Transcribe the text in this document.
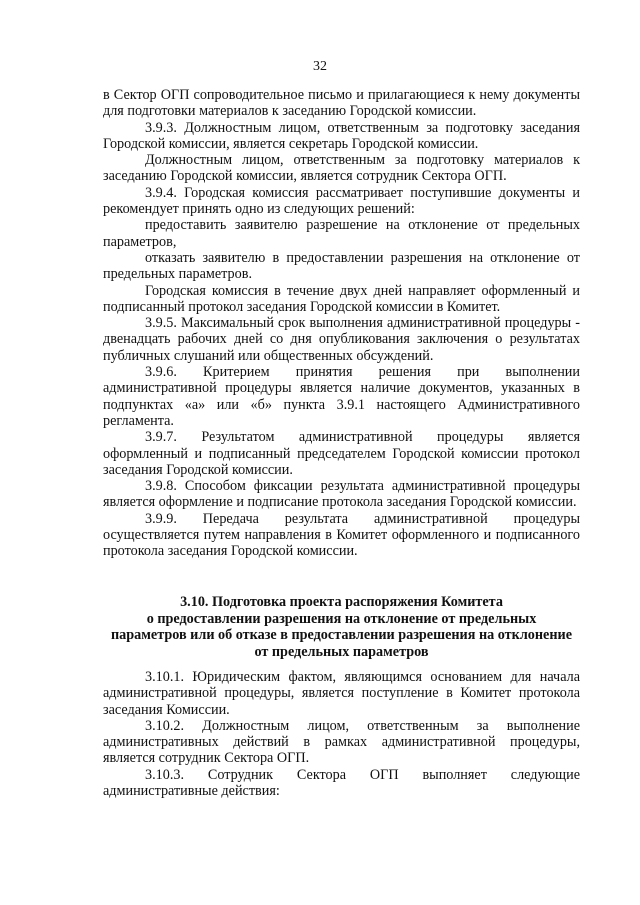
32

в Сектор ОГП сопроводительное письмо и прилагающиеся к нему документы для подготовки материалов к заседанию Городской комиссии.

3.9.3. Должностным лицом, ответственным за подготовку заседания Городской комиссии, является секретарь Городской комиссии.

Должностным лицом, ответственным за подготовку материалов к заседанию Городской комиссии, является сотрудник Сектора ОГП.

3.9.4. Городская комиссия рассматривает поступившие документы и рекомендует принять одно из следующих решений:

предоставить заявителю разрешение на отклонение от предельных параметров,

отказать заявителю в предоставлении разрешения на отклонение от предельных параметров.

Городская комиссия в течение двух дней направляет оформленный и подписанный протокол заседания Городской комиссии в Комитет.

3.9.5. Максимальный срок выполнения административной процедуры - двенадцать рабочих дней со дня опубликования заключения о результатах публичных слушаний или общественных обсуждений.

3.9.6. Критерием принятия решения при выполнении административной процедуры является наличие документов, указанных в подпунктах «а» или «б» пункта 3.9.1 настоящего Административного регламента.

3.9.7. Результатом административной процедуры является оформленный и подписанный председателем Городской комиссии протокол заседания Городской комиссии.

3.9.8. Способом фиксации результата административной процедуры является оформление и подписание протокола заседания Городской комиссии.

3.9.9. Передача результата административной процедуры осуществляется путем направления в Комитет оформленного и подписанного протокола заседания Городской комиссии.

3.10. Подготовка проекта распоряжения Комитета
о предоставлении разрешения на отклонение от предельных
параметров или об отказе в предоставлении разрешения на отклонение
от предельных параметров

3.10.1. Юридическим фактом, являющимся основанием для начала административной процедуры, является поступление в Комитет протокола заседания Комиссии.

3.10.2. Должностным лицом, ответственным за выполнение административных действий в рамках административной процедуры, является сотрудник Сектора ОГП.

3.10.3. Сотрудник Сектора ОГП выполняет следующие административные действия:
